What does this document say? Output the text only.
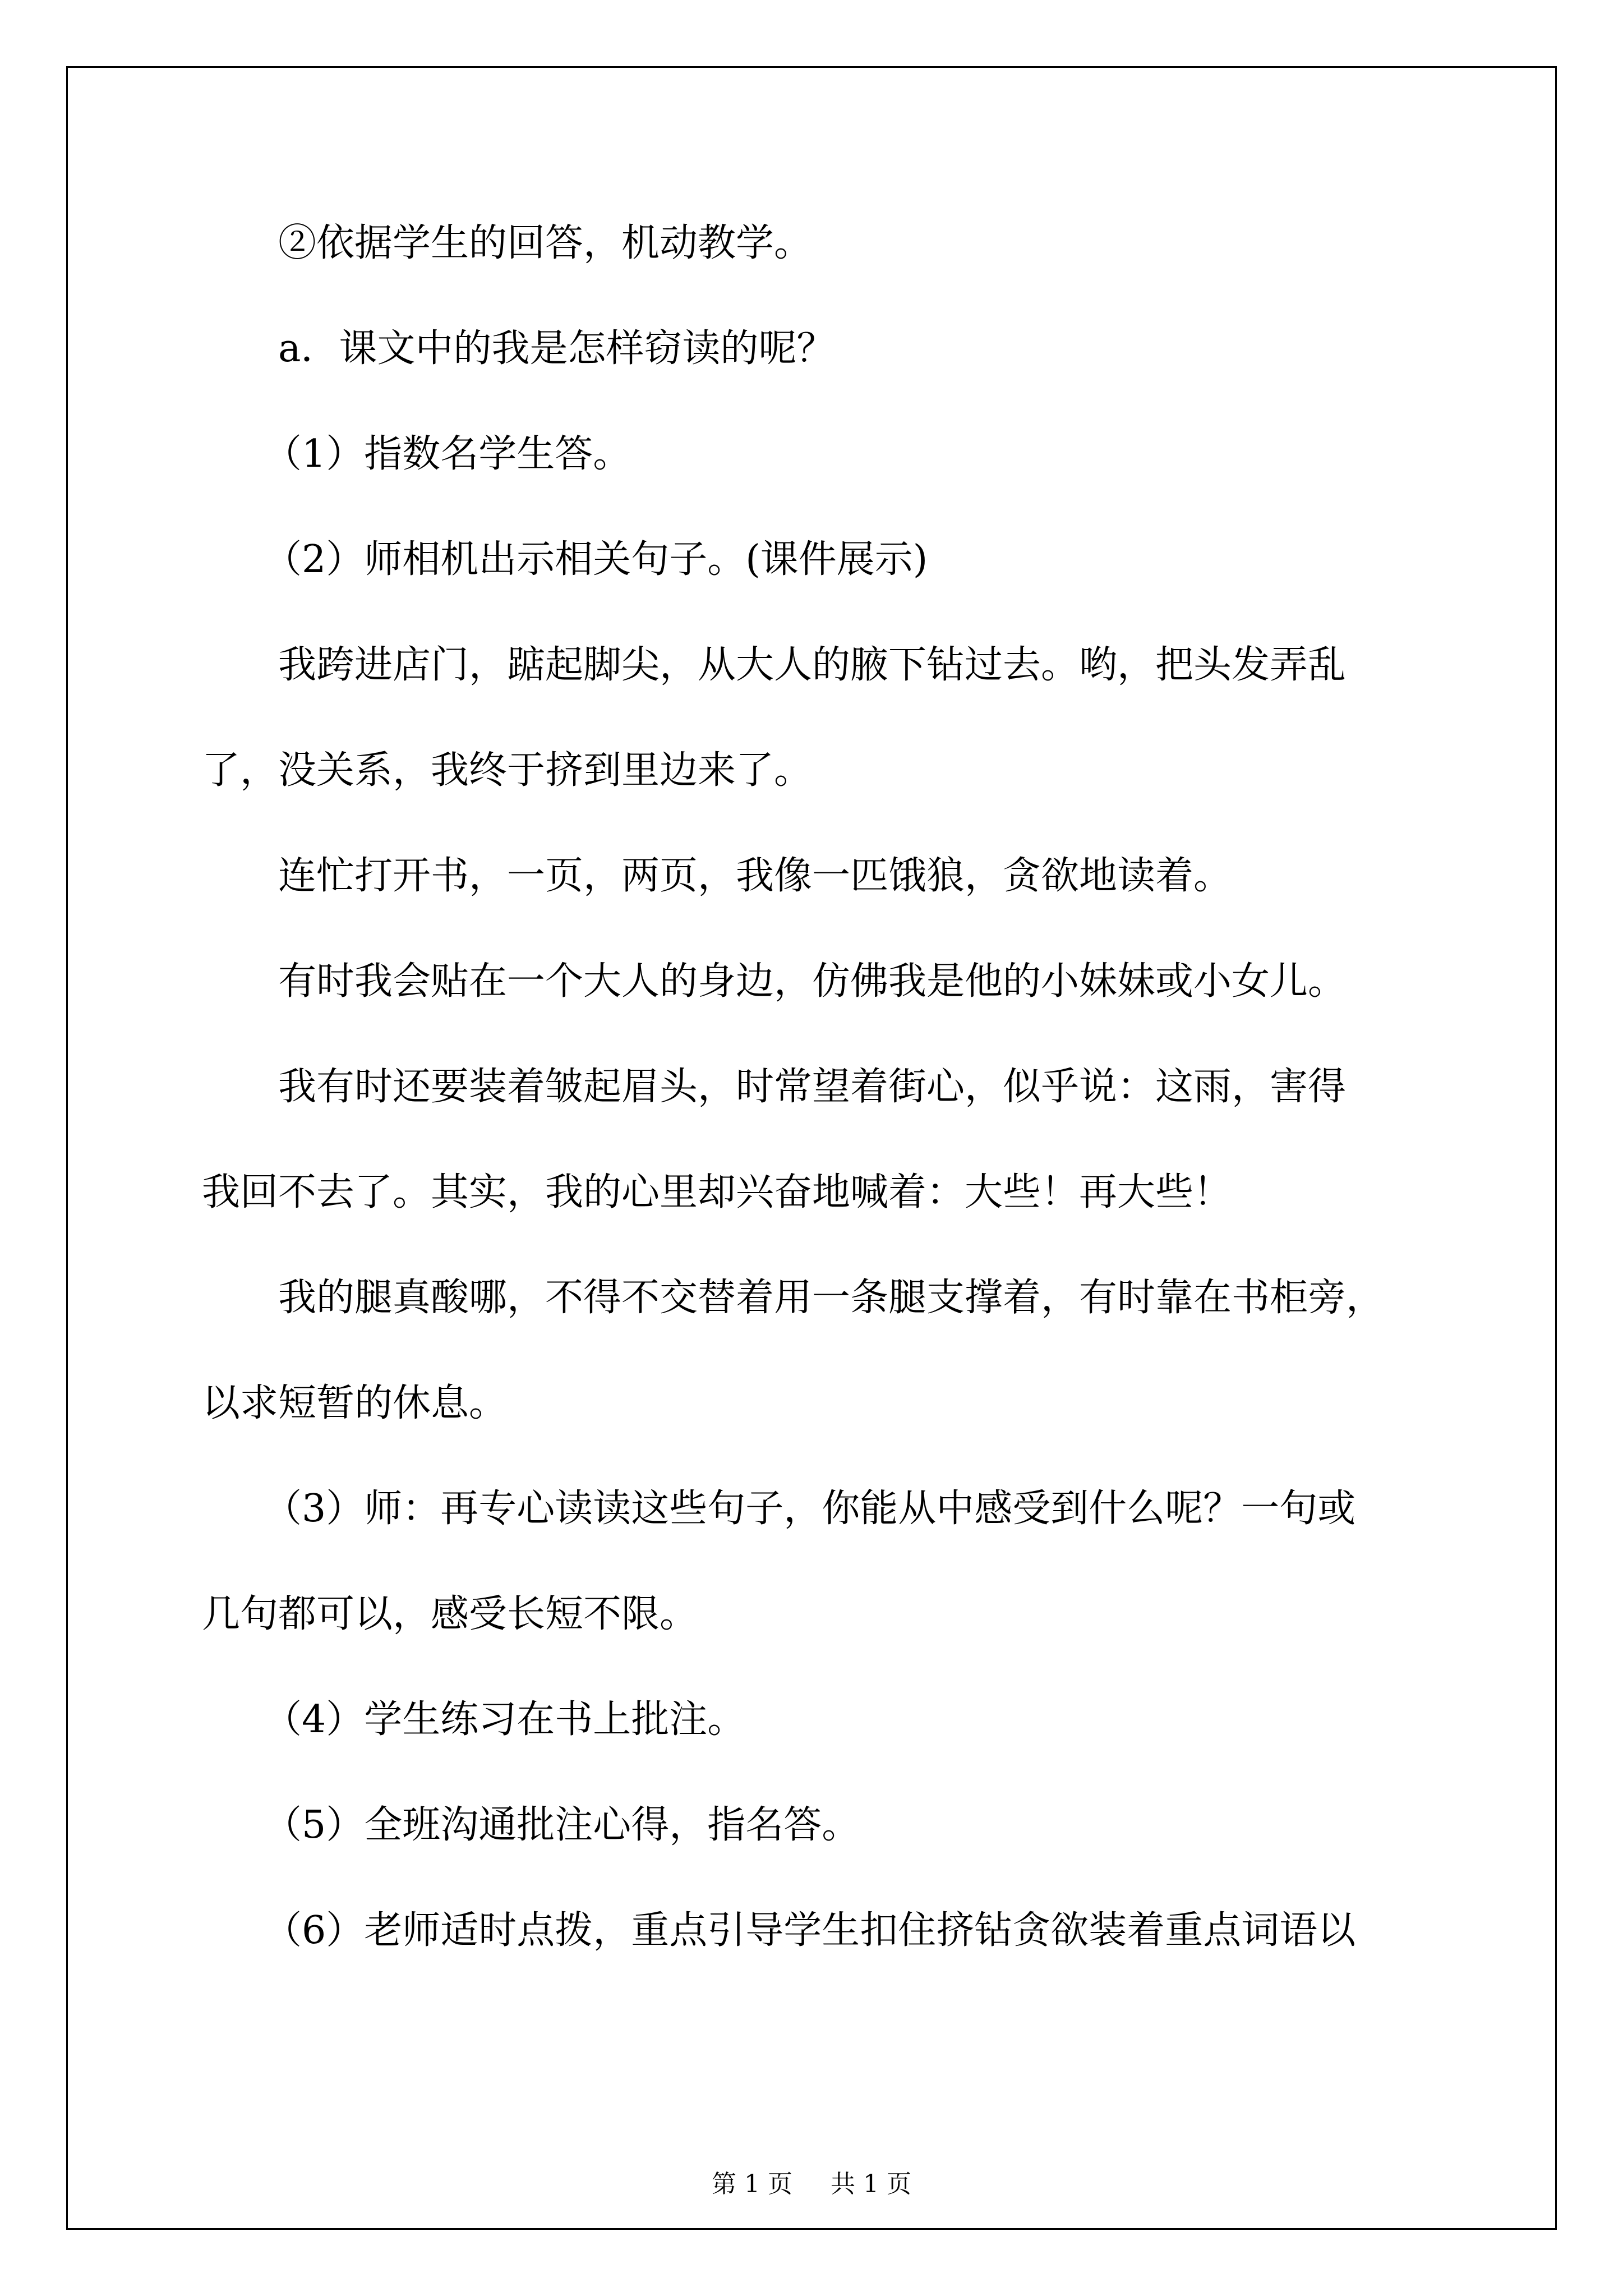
②依据学生的回答，机动教学。

a．课文中的我是怎样窃读的呢？

（1）指数名学生答。

（2）师相机出示相关句子。(课件展示)

我跨进店门，踮起脚尖，从大人的腋下钻过去。哟，把头发弄乱

了，没关系，我终于挤到里边来了。

连忙打开书，一页，两页，我像一匹饿狼，贪欲地读着。

有时我会贴在一个大人的身边，仿佛我是他的小妹妹或小女儿。

我有时还要装着皱起眉头，时常望着街心，似乎说：这雨，害得

我回不去了。其实，我的心里却兴奋地喊着：大些！再大些！

我的腿真酸哪，不得不交替着用一条腿支撑着，有时靠在书柜旁，

以求短暂的休息。

（3）师：再专心读读这些句子，你能从中感受到什么呢？一句或

几句都可以，感受长短不限。

（4）学生练习在书上批注。

（5）全班沟通批注心得，指名答。

（6）老师适时点拨，重点引导学生扣住挤钻贪欲装着重点词语以

第 1 页 共 1 页
